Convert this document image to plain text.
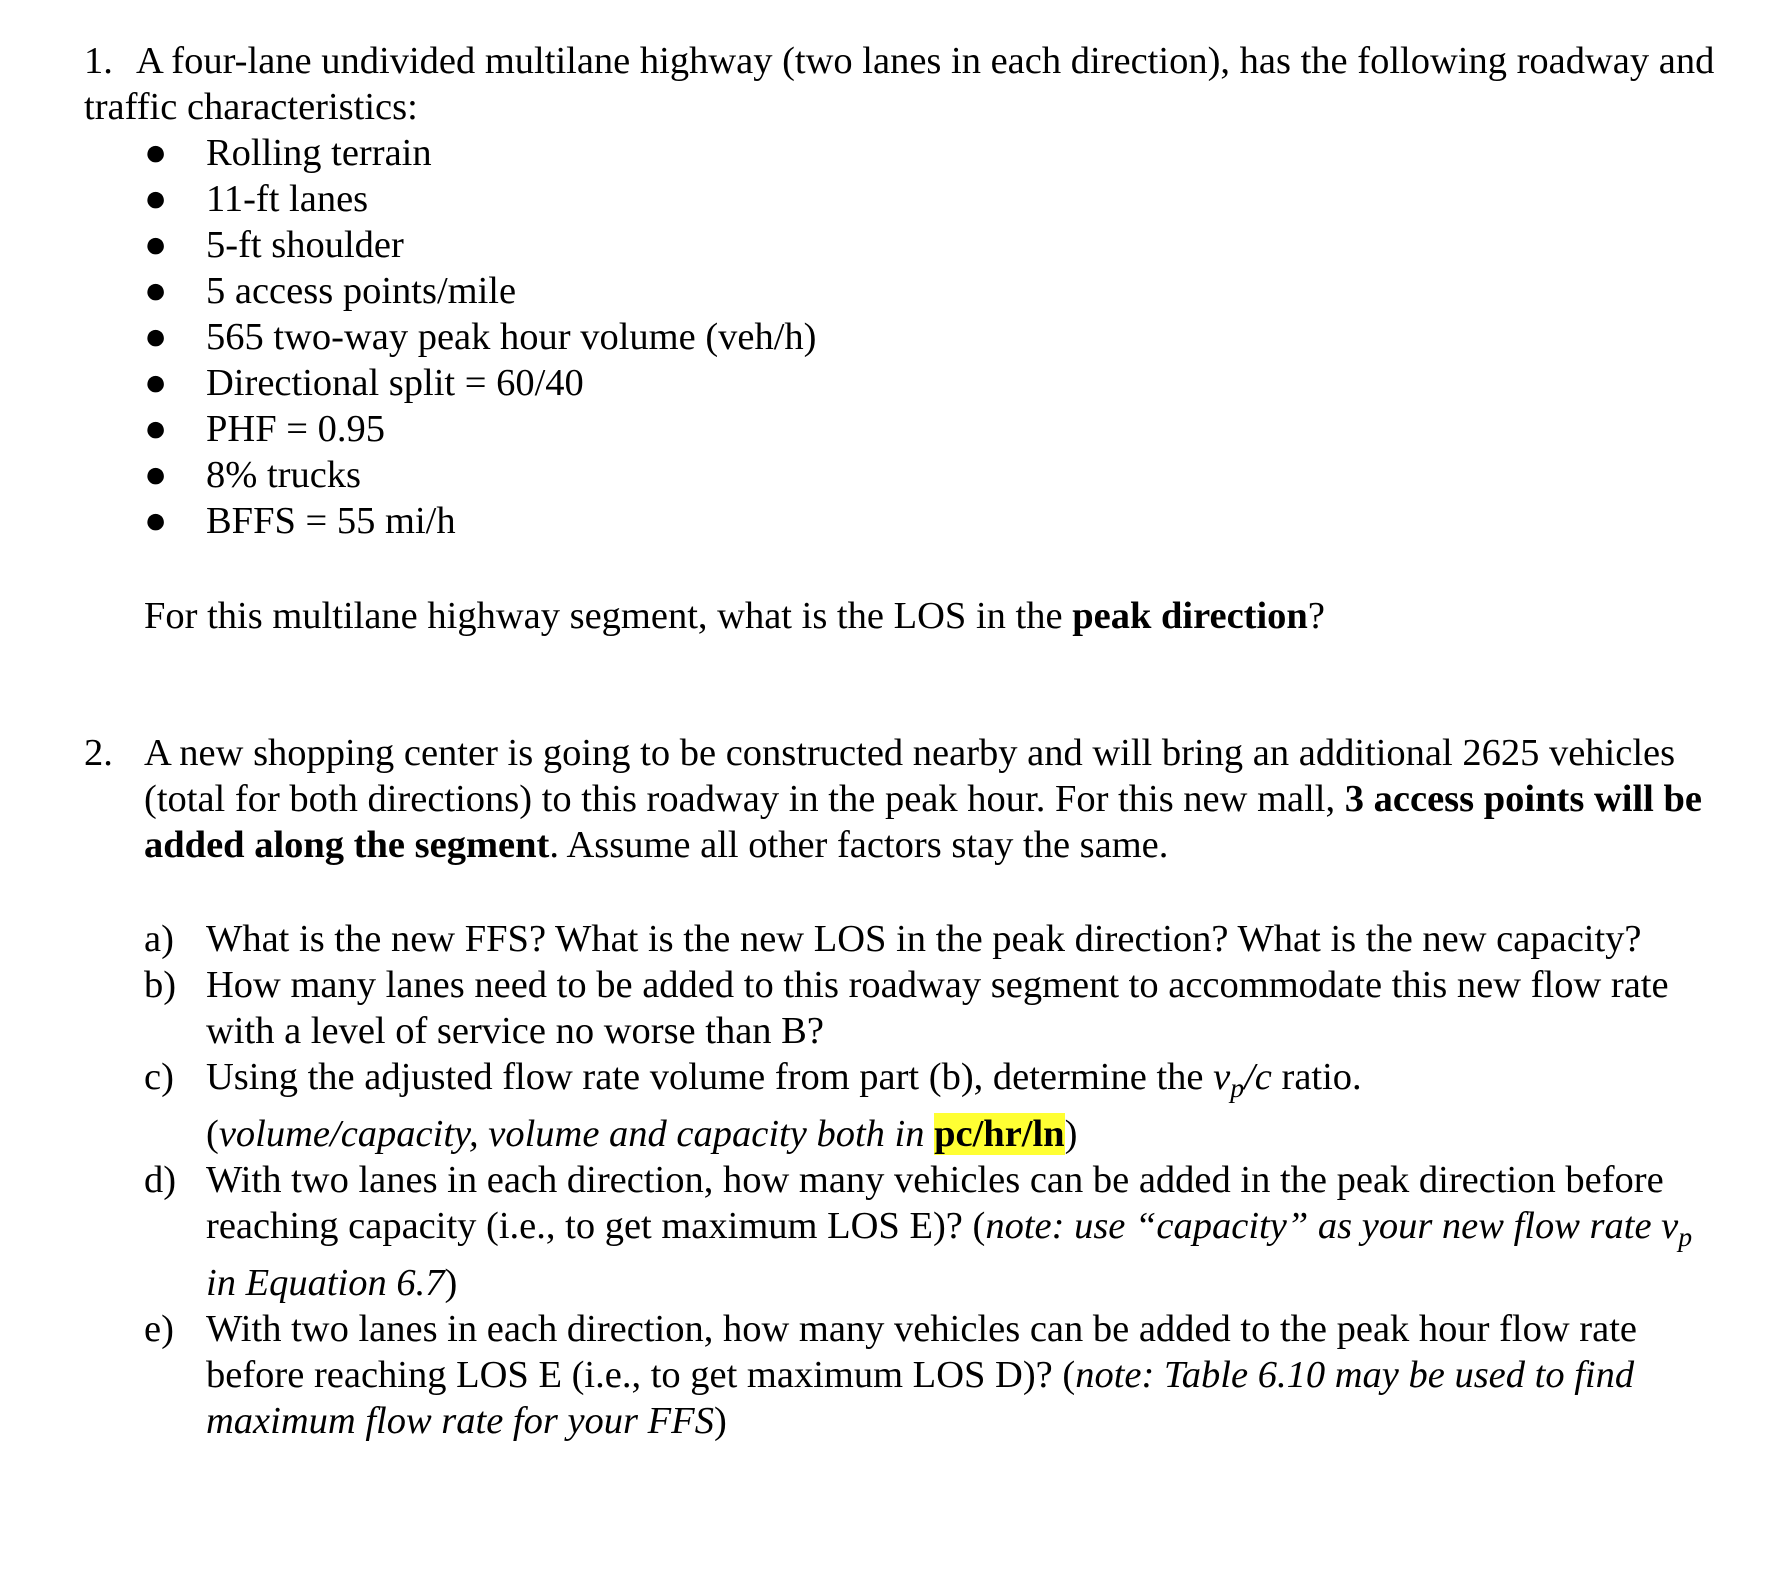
1. A four-lane undivided multilane highway (two lanes in each direction), has the following roadway and traffic characteristics:

● Rolling terrain
● 11-ft lanes
● 5-ft shoulder
● 5 access points/mile
● 565 two-way peak hour volume (veh/h)
● Directional split = 60/40
● PHF = 0.95
● 8% trucks
● BFFS = 55 mi/h

For this multilane highway segment, what is the LOS in the peak direction?

2. A new shopping center is going to be constructed nearby and will bring an additional 2625 vehicles (total for both directions) to this roadway in the peak hour. For this new mall, 3 access points will be added along the segment. Assume all other factors stay the same.
a) What is the new FFS? What is the new LOS in the peak direction? What is the new capacity?
b) How many lanes need to be added to this roadway segment to accommodate this new flow rate with a level of service no worse than B?
c) Using the adjusted flow rate volume from part (b), determine the $v_p/c$ ratio.
(volume/capacity, volume and capacity both in pc/hr/ln)
d) With two lanes in each direction, how many vehicles can be added in the peak direction before reaching capacity (i.e., to get maximum LOS E)? (note: use “capacity” as your new flow rate $v_p$ in Equation 6.7)
e) With two lanes in each direction, how many vehicles can be added to the peak hour flow rate before reaching LOS E (i.e., to get maximum LOS D)? (note: Table 6.10 may be used to find maximum flow rate for your FFS)
